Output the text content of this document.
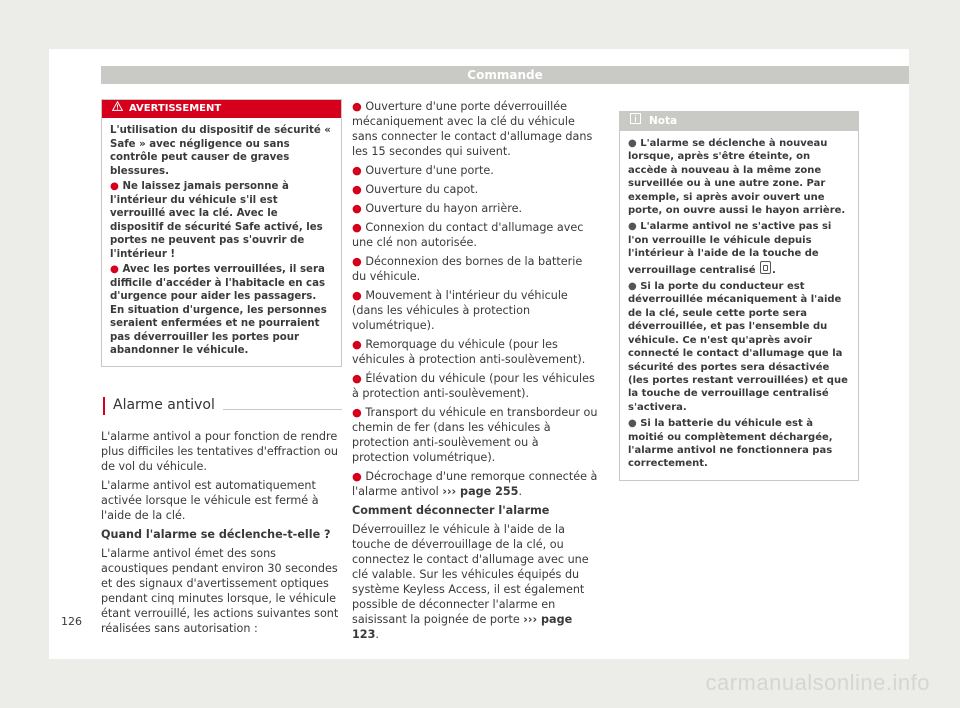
Commande
AVERTISSEMENT

L'utilisation du dispositif de sécurité « Safe » avec négligence ou sans contrôle peut causer de graves blessures.

● Ne laissez jamais personne à l'intérieur du véhicule s'il est verrouillé avec la clé. Avec le dispositif de sécurité Safe activé, les portes ne peuvent pas s'ouvrir de l'intérieur !

● Avec les portes verrouillées, il sera difficile d'accéder à l'habitacle en cas d'urgence pour aider les passagers. En situation d'urgence, les personnes seraient enfermées et ne pourraient pas déverrouiller les portes pour abandonner le véhicule.

Alarme antivol

L'alarme antivol a pour fonction de rendre plus difficiles les tentatives d'effraction ou de vol du véhicule.

L'alarme antivol est automatiquement activée lorsque le véhicule est fermé à l'aide de la clé.

Quand l'alarme se déclenche-t-elle ?

L'alarme antivol émet des sons acoustiques pendant environ 30 secondes et des signaux d'avertissement optiques pendant cinq minutes lorsque, le véhicule étant verrouillé, les actions suivantes sont réalisées sans autorisation :

● Ouverture d'une porte déverrouillée mécaniquement avec la clé du véhicule sans connecter le contact d'allumage dans les 15 secondes qui suivent.

● Ouverture d'une porte.

● Ouverture du capot.

● Ouverture du hayon arrière.

● Connexion du contact d'allumage avec une clé non autorisée.

● Déconnexion des bornes de la batterie du véhicule.

● Mouvement à l'intérieur du véhicule (dans les véhicules à protection volumétrique).

● Remorquage du véhicule (pour les véhicules à protection anti-soulèvement).

● Élévation du véhicule (pour les véhicules à protection anti-soulèvement).

● Transport du véhicule en transbordeur ou chemin de fer (dans les véhicules à protection anti-soulèvement ou à protection volumétrique).

● Décrochage d'une remorque connectée à l'alarme antivol ››› page 255.

Comment déconnecter l'alarme

Déverrouillez le véhicule à l'aide de la touche de déverrouillage de la clé, ou connectez le contact d'allumage avec une clé valable. Sur les véhicules équipés du système Keyless Access, il est également possible de déconnecter l'alarme en saisissant la poignée de porte ››› page 123.

Nota

● L'alarme se déclenche à nouveau lorsque, après s'être éteinte, on accède à nouveau à la même zone surveillée ou à une autre zone. Par exemple, si après avoir ouvert une porte, on ouvre aussi le hayon arrière.

● L'alarme antivol ne s'active pas si l'on verrouille le véhicule depuis l'intérieur à l'aide de la touche de verrouillage centralisé .

● Si la porte du conducteur est déverrouillée mécaniquement à l'aide de la clé, seule cette porte sera déverrouillée, et pas l'ensemble du véhicule. Ce n'est qu'après avoir connecté le contact d'allumage que la sécurité des portes sera désactivée (les portes restant verrouillées) et que la touche de verrouillage centralisé s'activera.

● Si la batterie du véhicule est à moitié ou complètement déchargée, l'alarme antivol ne fonctionnera pas correctement.

126
carmanualsonline.info
